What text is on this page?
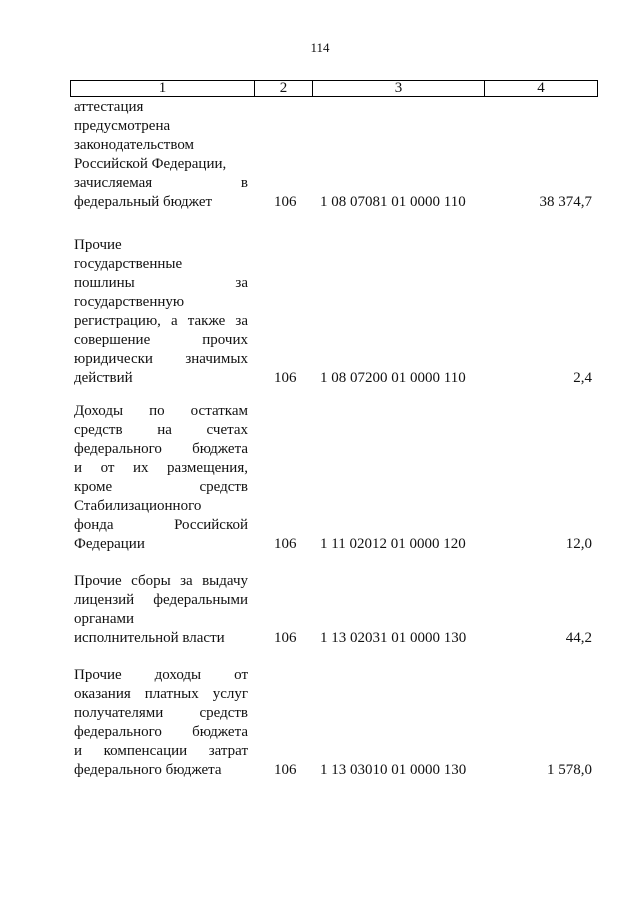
114
1	2	3	4
аттестация
предусмотрена
законодательством
Российской Федерации,
зачисляемая в
федеральный бюджет	106	1 08 07081 01 0000 110	38 374,7
Прочие
государственные
пошлины за
государственную
регистрацию, а также за
совершение прочих
юридически значимых
действий	106	1 08 07200 01 0000 110	2,4
Доходы по остаткам
средств на счетах
федерального бюджета
и от их размещения,
кроме средств
Стабилизационного
фонда Российской
Федерации	106	1 11 02012 01 0000 120	12,0
Прочие сборы за выдачу
лицензий федеральными
органами
исполнительной власти	106	1 13 02031 01 0000 130	44,2
Прочие доходы от
оказания платных услуг
получателями средств
федерального бюджета
и компенсации затрат
федерального бюджета	106	1 13 03010 01 0000 130	1 578,0
